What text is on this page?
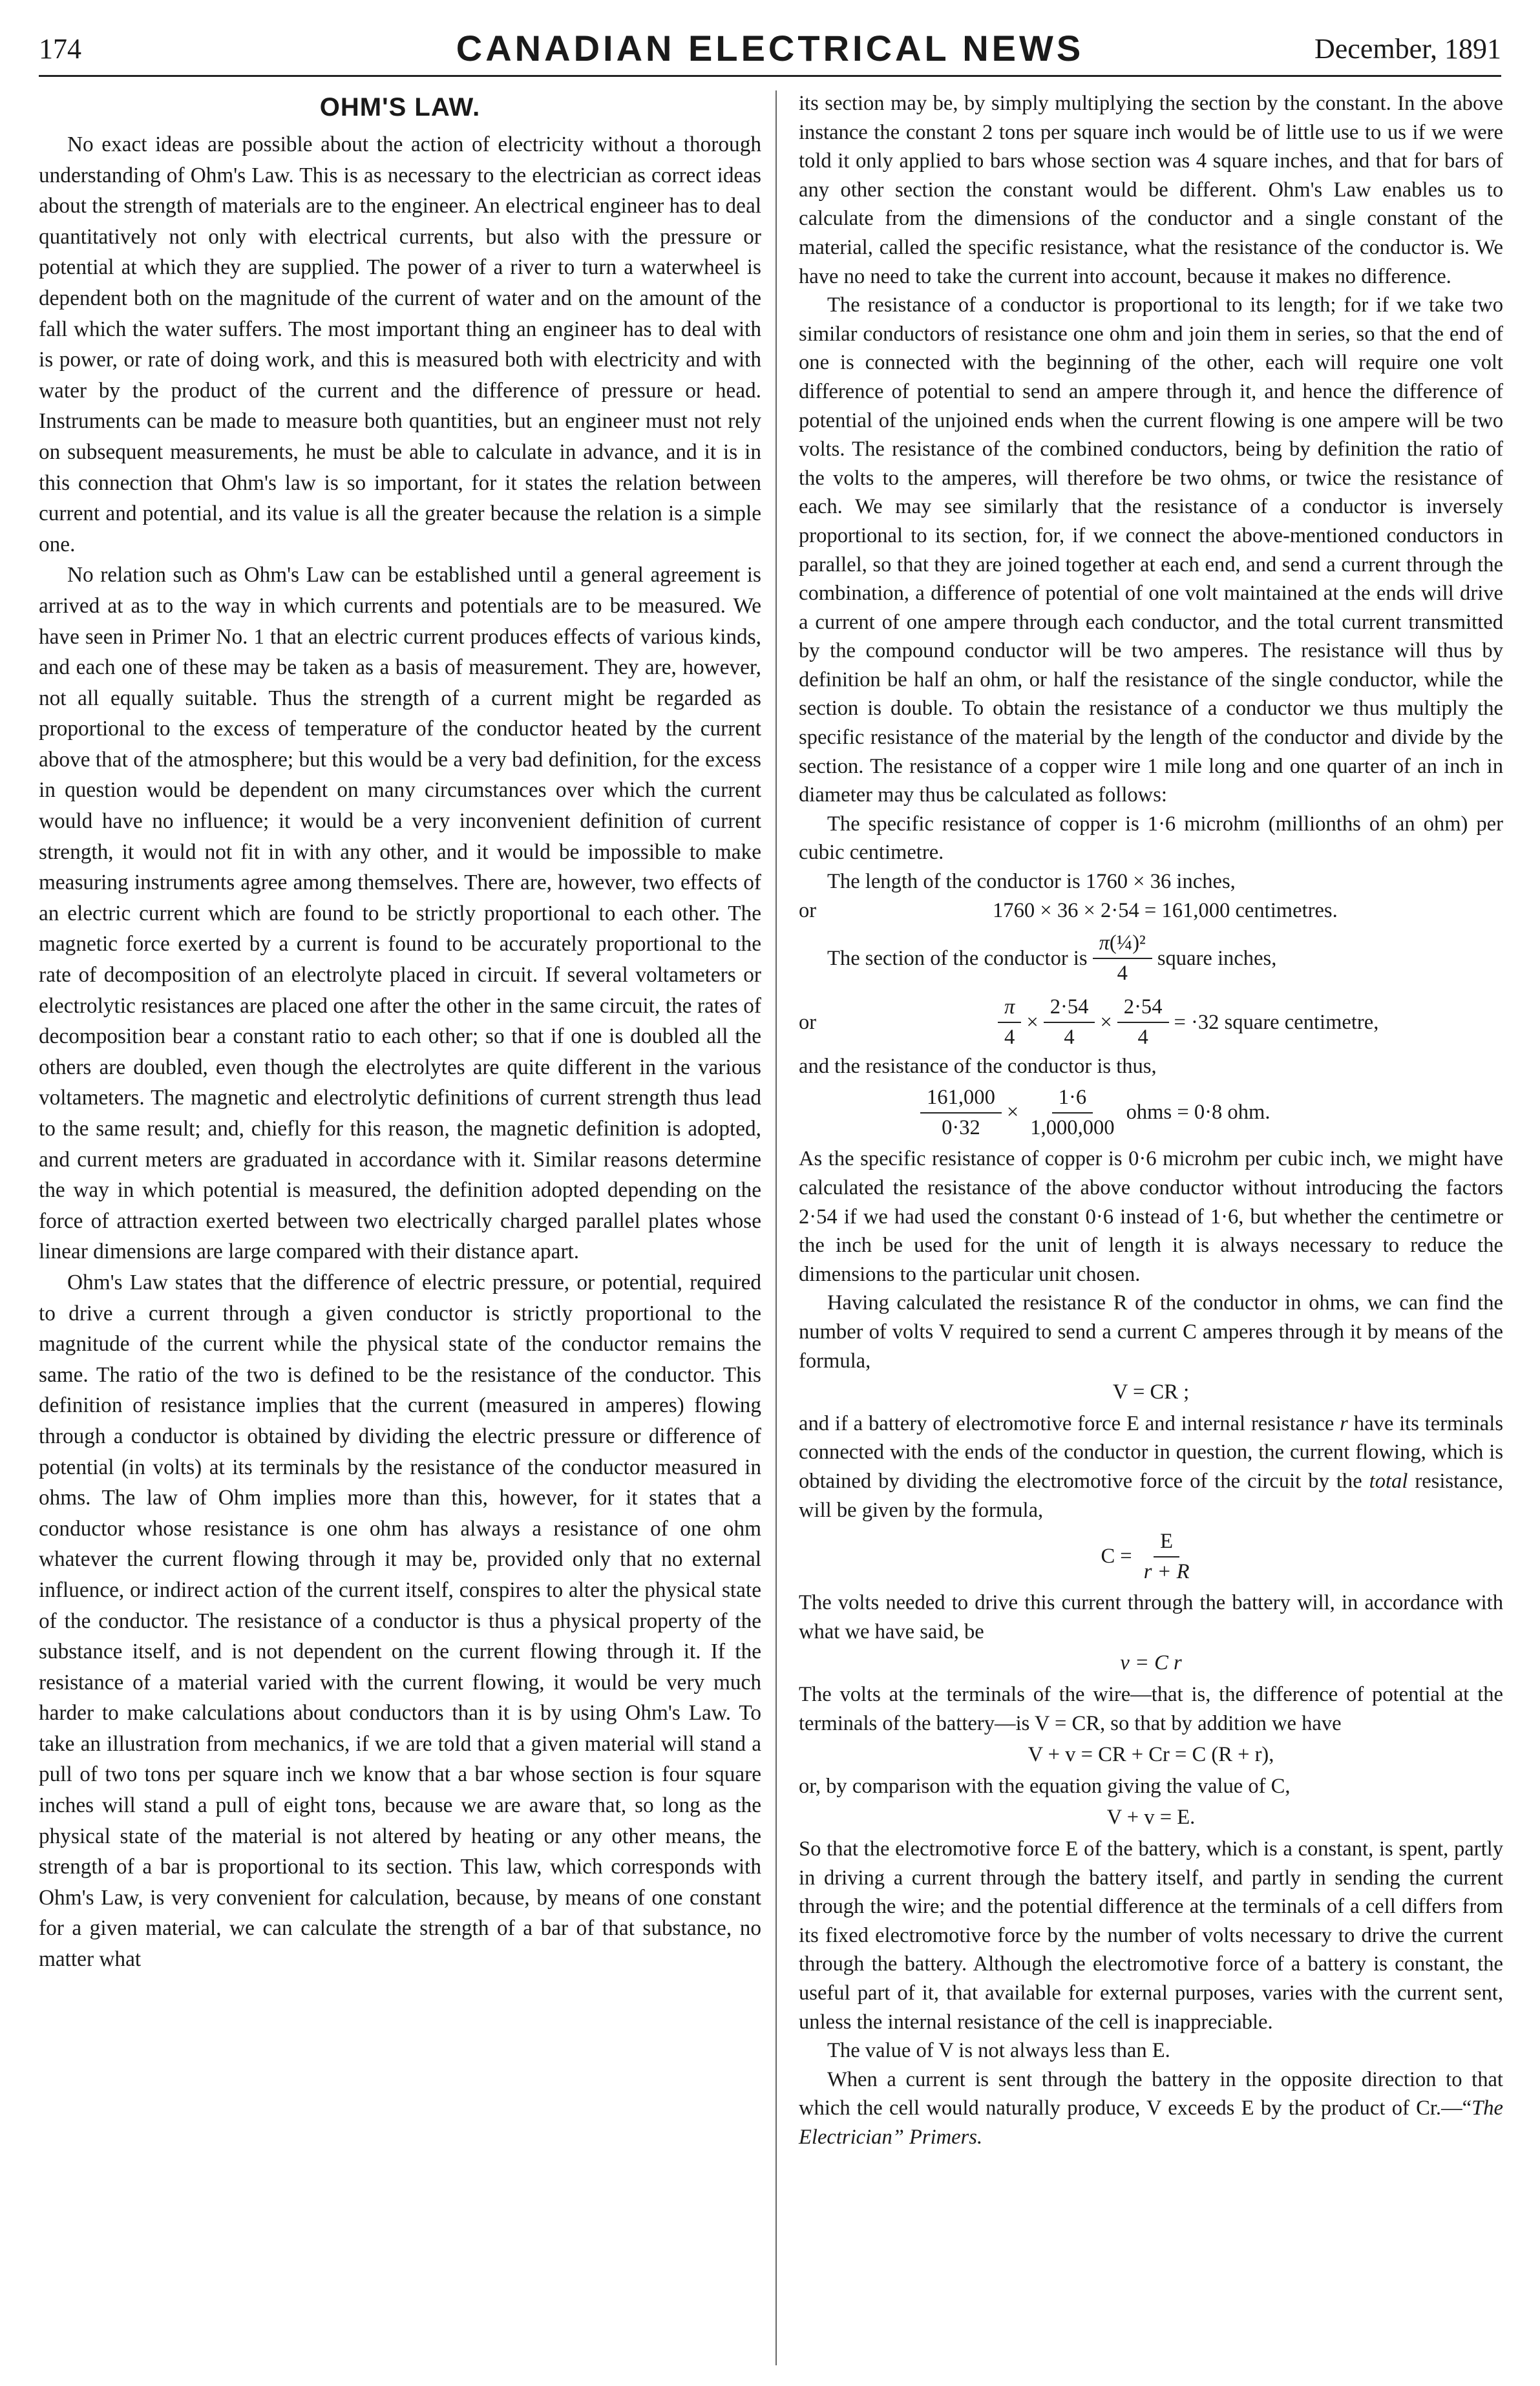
174	CANADIAN ELECTRICAL NEWS	December, 1891
OHM'S LAW.

No exact ideas are possible about the action of electricity without a thorough understanding of Ohm's Law. This is as necessary to the electrician as correct ideas about the strength of materials are to the engineer. An electrical engineer has to deal quantitatively not only with electrical currents, but also with the pressure or potential at which they are supplied. The power of a river to turn a waterwheel is dependent both on the magnitude of the current of water and on the amount of the fall which the water suffers. The most important thing an engineer has to deal with is power, or rate of doing work, and this is measured both with electricity and with water by the product of the current and the difference of pressure or head. Instruments can be made to measure both quantities, but an engineer must not rely on subsequent measurements, he must be able to calculate in advance, and it is in this connection that Ohm's law is so important, for it states the relation between current and potential, and its value is all the greater because the relation is a simple one.

No relation such as Ohm's Law can be established until a general agreement is arrived at as to the way in which currents and potentials are to be measured. We have seen in Primer No. 1 that an electric current produces effects of various kinds, and each one of these may be taken as a basis of measurement. They are, however, not all equally suitable. Thus the strength of a current might be regarded as proportional to the excess of temperature of the conductor heated by the current above that of the atmosphere; but this would be a very bad definition, for the excess in question would be dependent on many circumstances over which the current would have no influence; it would be a very inconvenient definition of current strength, it would not fit in with any other, and it would be impossible to make measuring instruments agree among themselves. There are, however, two effects of an electric current which are found to be strictly proportional to each other. The magnetic force exerted by a current is found to be accurately proportional to the rate of decomposition of an electrolyte placed in circuit. If several voltameters or electrolytic resistances are placed one after the other in the same circuit, the rates of decomposition bear a constant ratio to each other; so that if one is doubled all the others are doubled, even though the electrolytes are quite different in the various voltameters. The magnetic and electrolytic definitions of current strength thus lead to the same result; and, chiefly for this reason, the magnetic definition is adopted, and current meters are graduated in accordance with it. Similar reasons determine the way in which potential is measured, the definition adopted depending on the force of attraction exerted between two electrically charged parallel plates whose linear dimensions are large compared with their distance apart.

Ohm's Law states that the difference of electric pressure, or potential, required to drive a current through a given conductor is strictly proportional to the magnitude of the current while the physical state of the conductor remains the same. The ratio of the two is defined to be the resistance of the conductor. This definition of resistance implies that the current (measured in amperes) flowing through a conductor is obtained by dividing the electric pressure or difference of potential (in volts) at its terminals by the resistance of the conductor measured in ohms. The law of Ohm implies more than this, however, for it states that a conductor whose resistance is one ohm has always a resistance of one ohm whatever the current flowing through it may be, provided only that no external influence, or indirect action of the current itself, conspires to alter the physical state of the conductor. The resistance of a conductor is thus a physical property of the substance itself, and is not dependent on the current flowing through it. If the resistance of a material varied with the current flowing, it would be very much harder to make calculations about conductors than it is by using Ohm's Law. To take an illustration from mechanics, if we are told that a given material will stand a pull of two tons per square inch we know that a bar whose section is four square inches will stand a pull of eight tons, because we are aware that, so long as the physical state of the material is not altered by heating or any other means, the strength of a bar is proportional to its section. This law, which corresponds with Ohm's Law, is very convenient for calculation, because, by means of one constant for a given material, we can calculate the strength of a bar of that substance, no matter what

its section may be, by simply multiplying the section by the constant. In the above instance the constant 2 tons per square inch would be of little use to us if we were told it only applied to bars whose section was 4 square inches, and that for bars of any other section the constant would be different. Ohm's Law enables us to calculate from the dimensions of the conductor and a single constant of the material, called the specific resistance, what the resistance of the conductor is. We have no need to take the current into account, because it makes no difference.

The resistance of a conductor is proportional to its length; for if we take two similar conductors of resistance one ohm and join them in series, so that the end of one is connected with the beginning of the other, each will require one volt difference of potential to send an ampere through it, and hence the difference of potential of the unjoined ends when the current flowing is one ampere will be two volts. The resistance of the combined conductors, being by definition the ratio of the volts to the amperes, will therefore be two ohms, or twice the resistance of each. We may see similarly that the resistance of a conductor is inversely proportional to its section, for, if we connect the above-mentioned conductors in parallel, so that they are joined together at each end, and send a current through the combination, a difference of potential of one volt maintained at the ends will drive a current of one ampere through each conductor, and the total current transmitted by the compound conductor will be two amperes. The resistance will thus by definition be half an ohm, or half the resistance of the single conductor, while the section is double. To obtain the resistance of a conductor we thus multiply the specific resistance of the material by the length of the conductor and divide by the section. The resistance of a copper wire 1 mile long and one quarter of an inch in diameter may thus be calculated as follows:

The specific resistance of copper is 1·6 microhm (millionths of an ohm) per cubic centimetre.

The length of the conductor is 1760 × 36 inches,

or	1760 × 36 × 2·54 = 161,000 centimetres.
The section of the conductor is $\frac{\text{π(¼)²}}{4}$ square inches,
or	$\frac{\pi}{4} \times \frac{2\cdot 54}{4} \times \frac{2\cdot 54}{4} = \cdot 32$ square centimetre,

and the resistance of the conductor is thus,

$\frac{161,000}{0\cdot 32} \times \frac{1\cdot 6}{1,000,000}$ ohms = 0·8 ohm.

As the specific resistance of copper is 0·6 microhm per cubic inch, we might have calculated the resistance of the above conductor without introducing the factors 2·54 if we had used the constant 0·6 instead of 1·6, but whether the centimetre or the inch be used for the unit of length it is always necessary to reduce the dimensions to the particular unit chosen.

Having calculated the resistance R of the conductor in ohms, we can find the number of volts V required to send a current C amperes through it by means of the formula,

V = CR ;

and if a battery of electromotive force E and internal resistance r have its terminals connected with the ends of the conductor in question, the current flowing, which is obtained by dividing the electromotive force of the circuit by the total resistance, will be given by the formula,

$C = \frac{E}{r + R}$

The volts needed to drive this current through the battery will, in accordance with what we have said, be

v = C r

The volts at the terminals of the wire—that is, the difference of potential at the terminals of the battery—is V = CR, so that by addition we have

V + v = CR + Cr = C (R + r),

or, by comparison with the equation giving the value of C,

V + v = E.

So that the electromotive force E of the battery, which is a constant, is spent, partly in driving a current through the battery itself, and partly in sending the current through the wire; and the potential difference at the terminals of a cell differs from its fixed electromotive force by the number of volts necessary to drive the current through the battery. Although the electromotive force of a battery is constant, the useful part of it, that available for external purposes, varies with the current sent, unless the internal resistance of the cell is inappreciable.

The value of V is not always less than E.

When a current is sent through the battery in the opposite direction to that which the cell would naturally produce, V exceeds E by the product of Cr.—“The Electrician” Primers.
